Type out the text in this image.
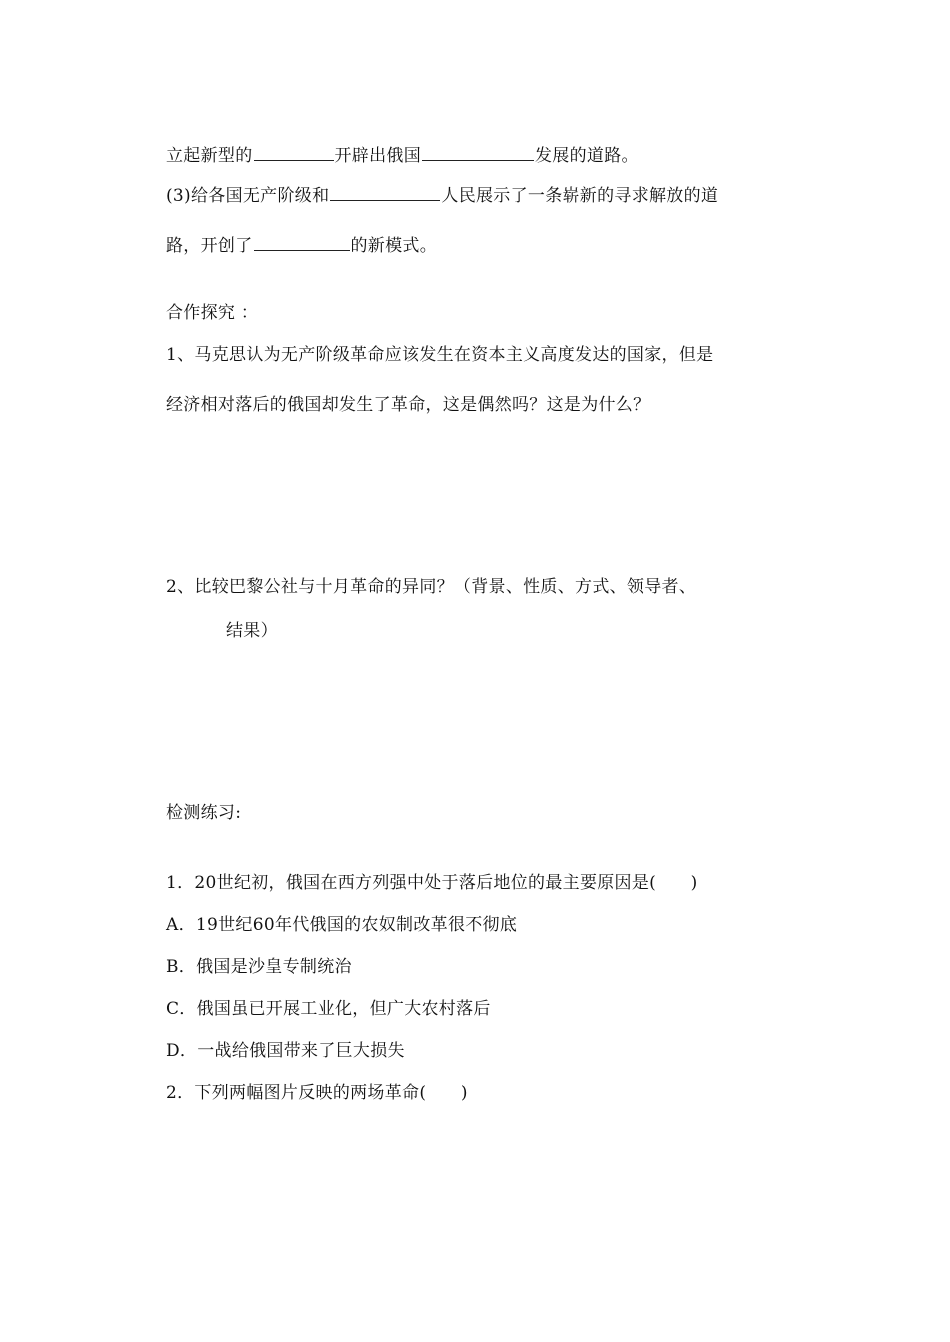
立起新型的	开辟出俄国	发展的道路。
(3)给各国无产阶级和	人民展示了一条崭新的寻求解放的道
路，开创了	的新模式。
合作探究 ：
1、马克思认为无产阶级革命应该发生在资本主义高度发达的国家，但是
经济相对落后的俄国却发生了革命，这是偶然吗？这是为什么？
2、比较巴黎公社与十月革命的异同？（背景、性质、方式、领导者、
结果）
检测练习:
1．20世纪初，俄国在西方列强中处于落后地位的最主要原因是(　　)
A．19世纪60年代俄国的农奴制改革很不彻底
B．俄国是沙皇专制统治
C．俄国虽已开展工业化，但广大农村落后
D．一战给俄国带来了巨大损失
2．下列两幅图片反映的两场革命(　　)
